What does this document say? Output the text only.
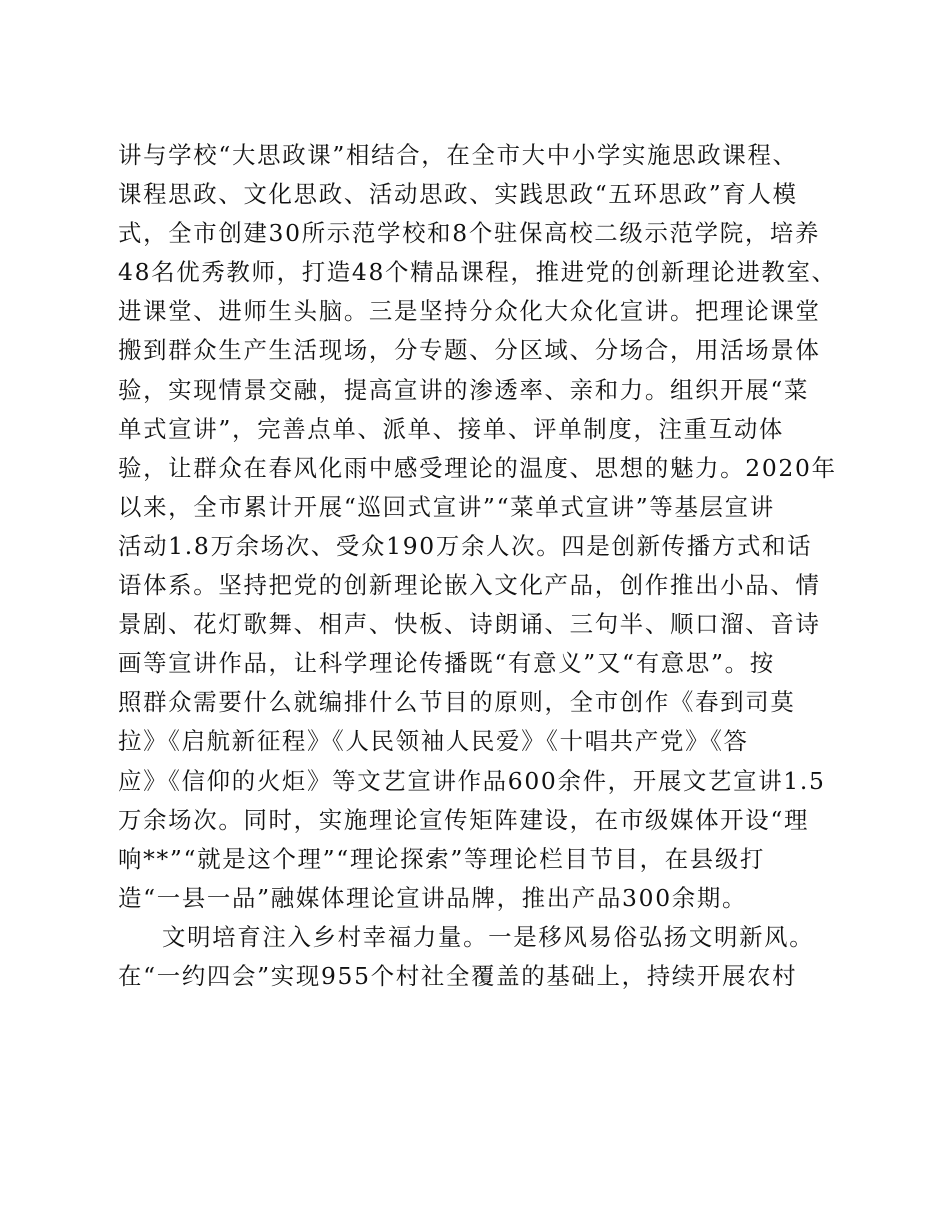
讲与学校“大思政课”相结合，在全市大中小学实施思政课程、
课程思政、文化思政、活动思政、实践思政“五环思政”育人模
式，全市创建30所示范学校和8个驻保高校二级示范学院，培养
48名优秀教师，打造48个精品课程，推进党的创新理论进教室、
进课堂、进师生头脑。三是坚持分众化大众化宣讲。把理论课堂
搬到群众生产生活现场，分专题、分区域、分场合，用活场景体
验，实现情景交融，提高宣讲的渗透率、亲和力。组织开展“菜
单式宣讲”，完善点单、派单、接单、评单制度，注重互动体
验，让群众在春风化雨中感受理论的温度、思想的魅力。2020年
以来，全市累计开展“巡回式宣讲”“菜单式宣讲”等基层宣讲
活动1.8万余场次、受众190万余人次。四是创新传播方式和话
语体系。坚持把党的创新理论嵌入文化产品，创作推出小品、情
景剧、花灯歌舞、相声、快板、诗朗诵、三句半、顺口溜、音诗
画等宣讲作品，让科学理论传播既“有意义”又“有意思”。按
照群众需要什么就编排什么节目的原则，全市创作《春到司莫
拉》《启航新征程》《人民领袖人民爱》《十唱共产党》《答
应》《信仰的火炬》等文艺宣讲作品600余件，开展文艺宣讲1.5
万余场次。同时，实施理论宣传矩阵建设，在市级媒体开设“理
响**”“就是这个理”“理论探索”等理论栏目节目，在县级打
造“一县一品”融媒体理论宣讲品牌，推出产品300余期。
文明培育注入乡村幸福力量。一是移风易俗弘扬文明新风。
在“一约四会”实现955个村社全覆盖的基础上，持续开展农村
